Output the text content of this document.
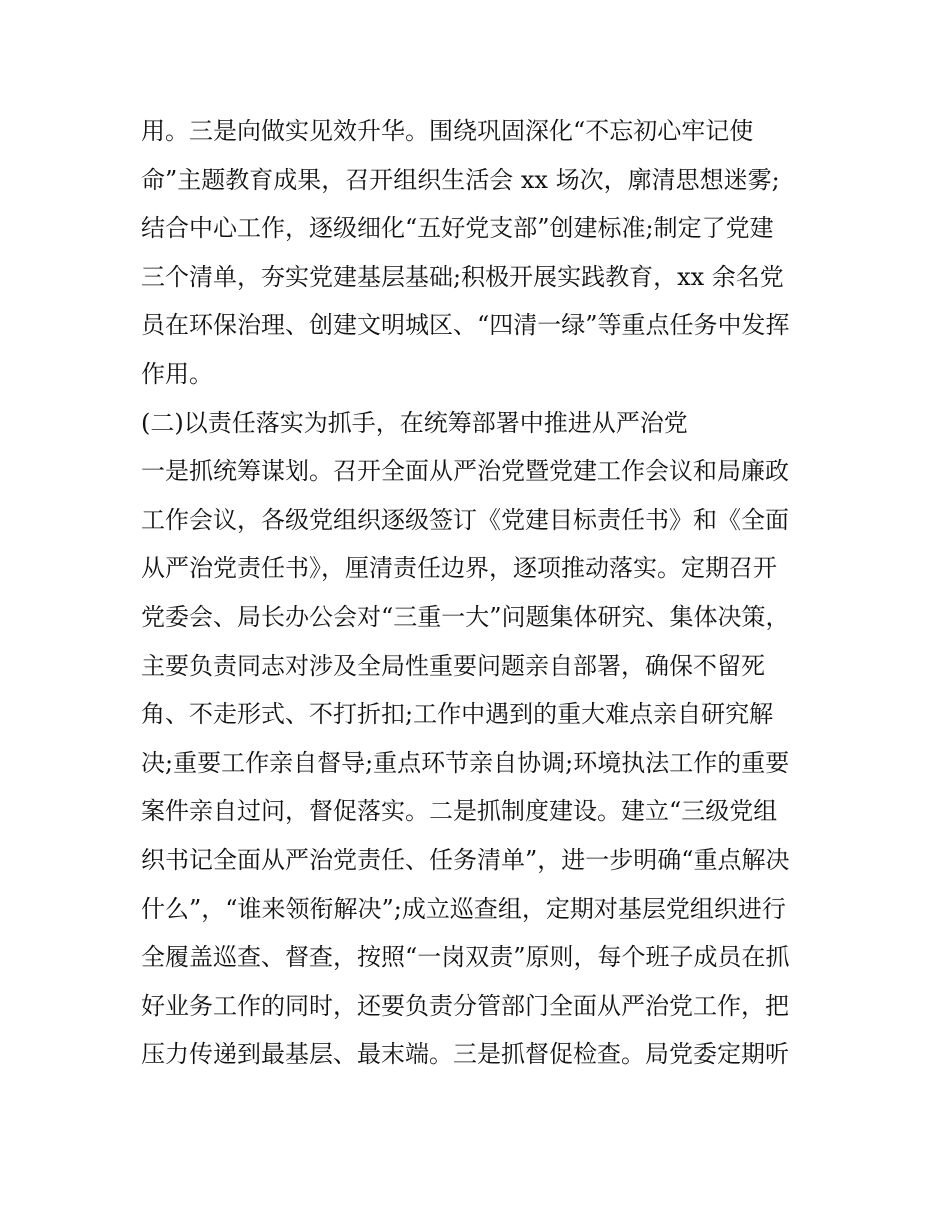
用。三是向做实见效升华。围绕巩固深化“不忘初心牢记使
命”主题教育成果，召开组织生活会 xx 场次，廓清思想迷雾;
结合中心工作，逐级细化“五好党支部”创建标准;制定了党建
三个清单，夯实党建基层基础;积极开展实践教育，xx 余名党
员在环保治理、创建文明城区、“四清一绿”等重点任务中发挥
作用。
(二)以责任落实为抓手，在统筹部署中推进从严治党
一是抓统筹谋划。召开全面从严治党暨党建工作会议和局廉政
工作会议，各级党组织逐级签订《党建目标责任书》和《全面
从严治党责任书》，厘清责任边界，逐项推动落实。定期召开
党委会、局长办公会对“三重一大”问题集体研究、集体决策，
主要负责同志对涉及全局性重要问题亲自部署，确保不留死
角、不走形式、不打折扣;工作中遇到的重大难点亲自研究解
决;重要工作亲自督导;重点环节亲自协调;环境执法工作的重要
案件亲自过问，督促落实。二是抓制度建设。建立“三级党组
织书记全面从严治党责任、任务清单”，进一步明确“重点解决
什么”，“谁来领衔解决”;成立巡查组，定期对基层党组织进行
全履盖巡查、督查，按照“一岗双责”原则，每个班子成员在抓
好业务工作的同时，还要负责分管部门全面从严治党工作，把
压力传递到最基层、最末端。三是抓督促检查。局党委定期听
